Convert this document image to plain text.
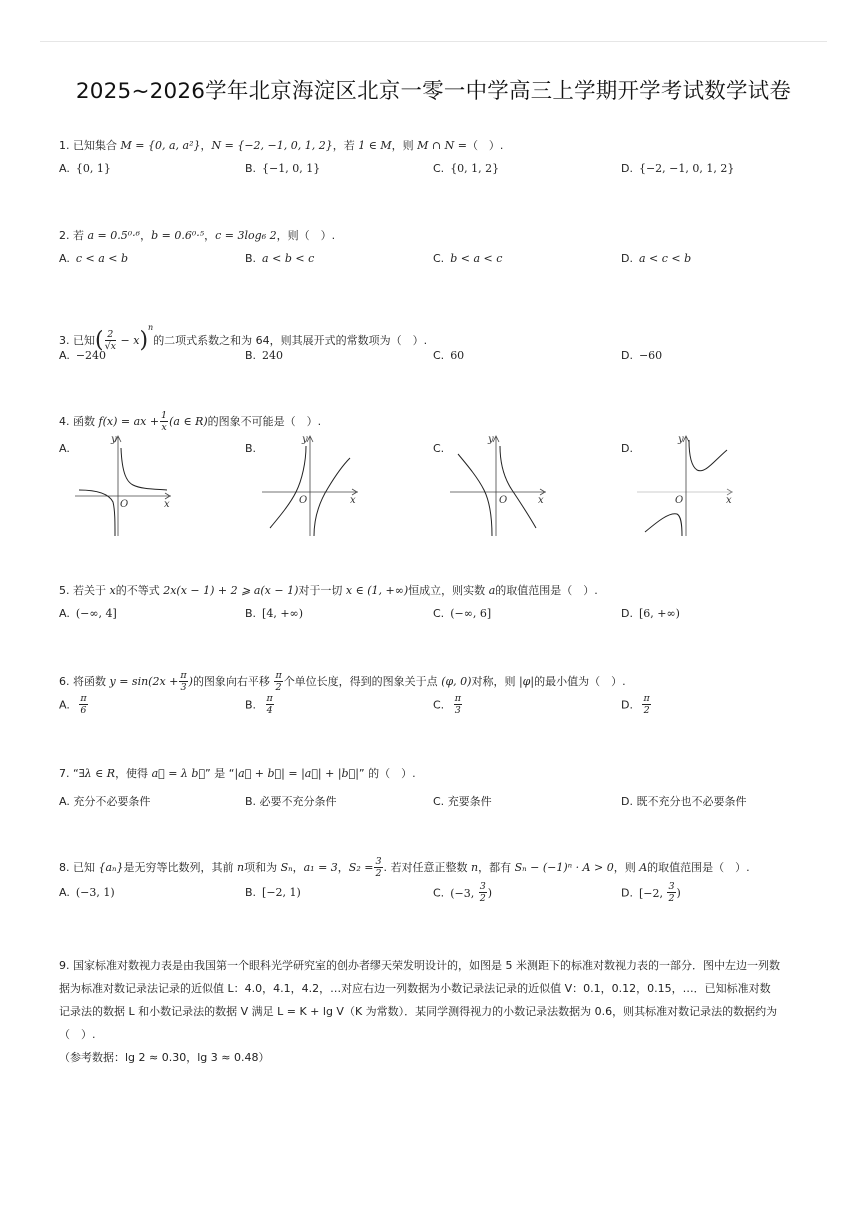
2025~2026学年北京海淀区北京一零一中学高三上学期开学考试数学试卷
1. 已知集合 M = {0, a, a²}，N = {−2, −1, 0, 1, 2}，若 1 ∈ M，则 M ∩ N =（　）.
A. {0, 1}	B. {−1, 0, 1}	C. {0, 1, 2}	D. {−2, −1, 0, 1, 2}
2. 若 a = 0.5⁰·⁶，b = 0.6⁰·⁵，c = 3log₆ 2，则（　）.
A. c < a < b	B. a < b < c	C. b < a < c	D. a < c < b
3. 已知( $\frac{2}{√x} - x)^n$的二项式系数之和为 64，则其展开式的常数项为（　）.
A. −240	B. 240	C. 60	D. −60
4. 函数 f(x) = ax + $\frac{1}{x} (a$ ∈ R)的图象不可能是（　）.
A.	B.	C.	D.
y
x
O
y
x
O
y
x
O
y
x
O
5. 若关于 x的不等式 2x(x − 1) + 2 ⩾ a(x − 1)对于一切 x ∈ (1, +∞)恒成立，则实数 a的取值范围是（　）.
A. (−∞, 4]	B. [4, +∞)	C. (−∞, 6]	D. [6, +∞)
6. 将函数 $y = \sin(2x + \frac{\pi}{3}$ )的图象向右平移 $\frac{\pi}{2}$ 个单位长度，得到的图象关于点 (φ, 0)对称，则 |φ|的最小值为（　）.
A. $\frac{\pi}{6}$	B. $\frac{\pi}{4}$	C. $\frac{\pi}{3}$	D. $\frac{\pi}{2}$
7. “∃λ ∈ R，使得 a⃗ = λ b⃗” 是 “|a⃗ + b⃗| = |a⃗| + |b⃗|” 的（　）.
A. 充分不必要条件	B. 必要不充分条件	C. 充要条件	D. 既不充分也不必要条件
8. 已知 {aₙ}是无穷等比数列，其前 n项和为 Sₙ，a₁ = 3，$S_2 = \frac{3}{2}$ . 若对任意正整数 n，都有 Sₙ − (−1)ⁿ · A > 0，则 A的取值范围是（　）.
A. (−3, 1)	B. [−2, 1)	C. (−3, $\frac{3}{2}$ )	D. [−2, $\frac{3}{2}$ )
9. 国家标准对数视力表是由我国第一个眼科光学研究室的创办者缪天荣发明设计的，如图是 5 米测距下的标准对数视力表的一部分．图中左边一列数
据为标准对数记录法记录的近似值 L：4.0，4.1，4.2，…对应右边一列数据为小数记录法记录的近似值 V：0.1，0.12，0.15，…．已知标准对数
记录法的数据 L 和小数记录法的数据 V 满足 L = K + lg V（K 为常数）．某同学测得视力的小数记录法数据为 0.6，则其标准对数记录法的数据约为
（　）.
（参考数据：lg 2 ≈ 0.30，lg 3 ≈ 0.48）
